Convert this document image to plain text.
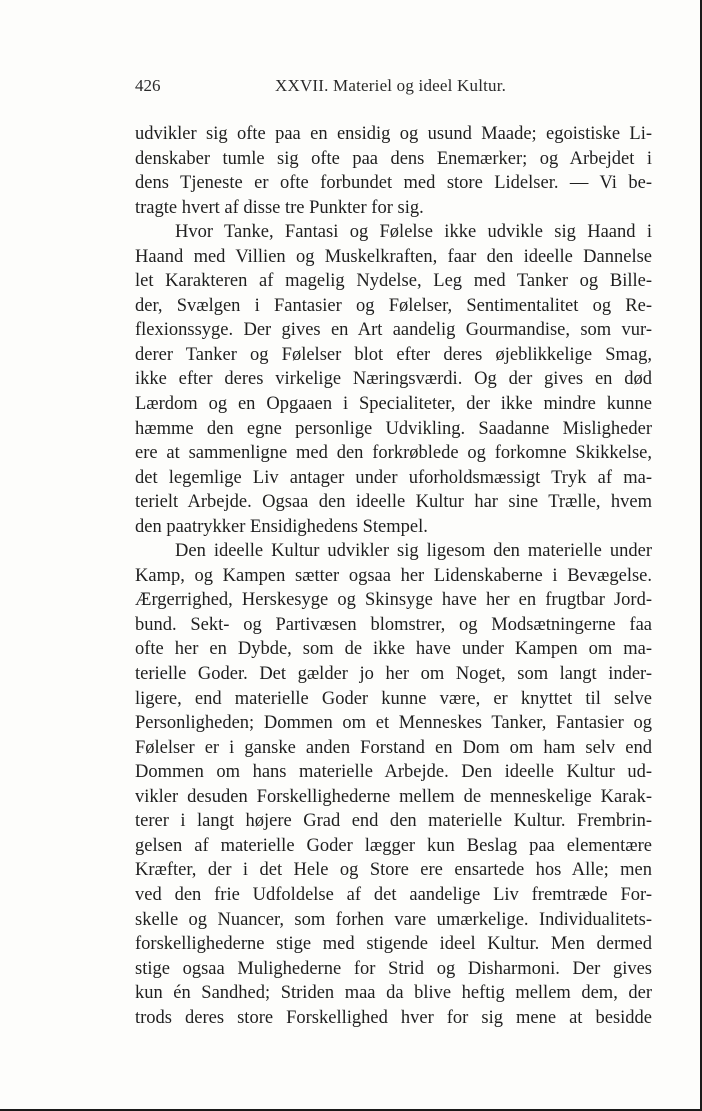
426	XXVII. Materiel og ideel Kultur.
udvikler sig ofte paa en ensidig og usund Maade; egoistiske Li-
denskaber tumle sig ofte paa dens Enemærker; og Arbejdet i
dens Tjeneste er ofte forbundet med store Lidelser. — Vi be-
tragte hvert af disse tre Punkter for sig.
Hvor Tanke, Fantasi og Følelse ikke udvikle sig Haand i
Haand med Villien og Muskelkraften, faar den ideelle Dannelse
let Karakteren af magelig Nydelse, Leg med Tanker og Bille-
der, Svælgen i Fantasier og Følelser, Sentimentalitet og Re-
flexionssyge. Der gives en Art aandelig Gourmandise, som vur-
derer Tanker og Følelser blot efter deres øjeblikkelige Smag,
ikke efter deres virkelige Næringsværdi. Og der gives en død
Lærdom og en Opgaaen i Specialiteter, der ikke mindre kunne
hæmme den egne personlige Udvikling. Saadanne Misligheder
ere at sammenligne med den forkrøblede og forkomne Skikkelse,
det legemlige Liv antager under uforholdsmæssigt Tryk af ma-
terielt Arbejde. Ogsaa den ideelle Kultur har sine Trælle, hvem
den paatrykker Ensidighedens Stempel.
Den ideelle Kultur udvikler sig ligesom den materielle under
Kamp, og Kampen sætter ogsaa her Lidenskaberne i Bevægelse.
Ærgerrighed, Herskesyge og Skinsyge have her en frugtbar Jord-
bund. Sekt- og Partivæsen blomstrer, og Modsætningerne faa
ofte her en Dybde, som de ikke have under Kampen om ma-
terielle Goder. Det gælder jo her om Noget, som langt inder-
ligere, end materielle Goder kunne være, er knyttet til selve
Personligheden; Dommen om et Menneskes Tanker, Fantasier og
Følelser er i ganske anden Forstand en Dom om ham selv end
Dommen om hans materielle Arbejde. Den ideelle Kultur ud-
vikler desuden Forskellighederne mellem de menneskelige Karak-
terer i langt højere Grad end den materielle Kultur. Frembrin-
gelsen af materielle Goder lægger kun Beslag paa elementære
Kræfter, der i det Hele og Store ere ensartede hos Alle; men
ved den frie Udfoldelse af det aandelige Liv fremtræde For-
skelle og Nuancer, som forhen vare umærkelige. Individualitets-
forskellighederne stige med stigende ideel Kultur. Men dermed
stige ogsaa Mulighederne for Strid og Disharmoni. Der gives
kun én Sandhed; Striden maa da blive heftig mellem dem, der
trods deres store Forskellighed hver for sig mene at besidde
